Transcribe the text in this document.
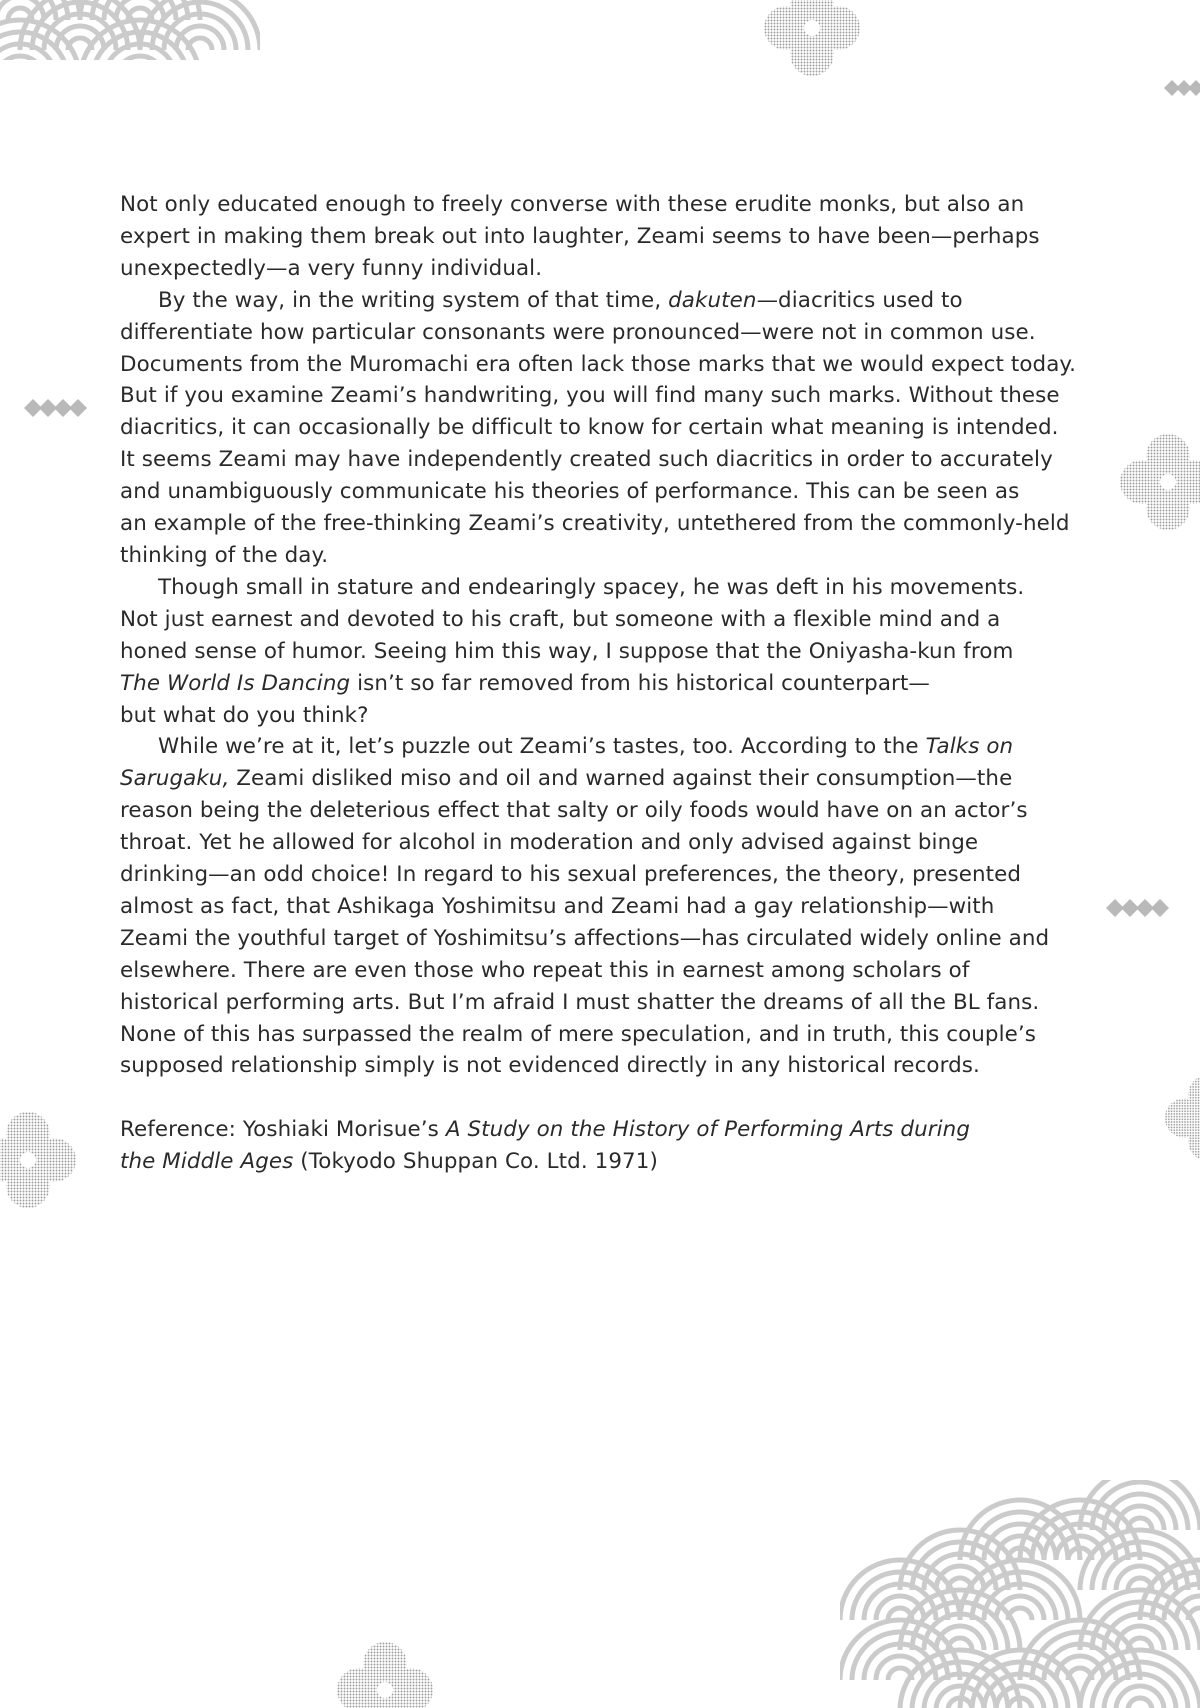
Not only educated enough to freely converse with these erudite monks, but also an
expert in making them break out into laughter, Zeami seems to have been—perhaps
unexpectedly—a very funny individual.

By the way, in the writing system of that time, dakuten—diacritics used to
differentiate how particular consonants were pronounced—were not in common use.
Documents from the Muromachi era often lack those marks that we would expect today.
But if you examine Zeami’s handwriting, you will find many such marks. Without these
diacritics, it can occasionally be difficult to know for certain what meaning is intended.
It seems Zeami may have independently created such diacritics in order to accurately
and unambiguously communicate his theories of performance. This can be seen as
an example of the free-thinking Zeami’s creativity, untethered from the commonly-held
thinking of the day.

Though small in stature and endearingly spacey, he was deft in his movements.
Not just earnest and devoted to his craft, but someone with a flexible mind and a
honed sense of humor. Seeing him this way, I suppose that the Oniyasha-kun from
The World Is Dancing isn’t so far removed from his historical counterpart—
but what do you think?

While we’re at it, let’s puzzle out Zeami’s tastes, too. According to the Talks on
Sarugaku, Zeami disliked miso and oil and warned against their consumption—the
reason being the deleterious effect that salty or oily foods would have on an actor’s
throat. Yet he allowed for alcohol in moderation and only advised against binge
drinking—an odd choice! In regard to his sexual preferences, the theory, presented
almost as fact, that Ashikaga Yoshimitsu and Zeami had a gay relationship—with
Zeami the youthful target of Yoshimitsu’s affections—has circulated widely online and
elsewhere. There are even those who repeat this in earnest among scholars of
historical performing arts. But I’m afraid I must shatter the dreams of all the BL fans.
None of this has surpassed the realm of mere speculation, and in truth, this couple’s
supposed relationship simply is not evidenced directly in any historical records.

Reference: Yoshiaki Morisue’s A Study on the History of Performing Arts during
the Middle Ages (Tokyodo Shuppan Co. Ltd. 1971)
